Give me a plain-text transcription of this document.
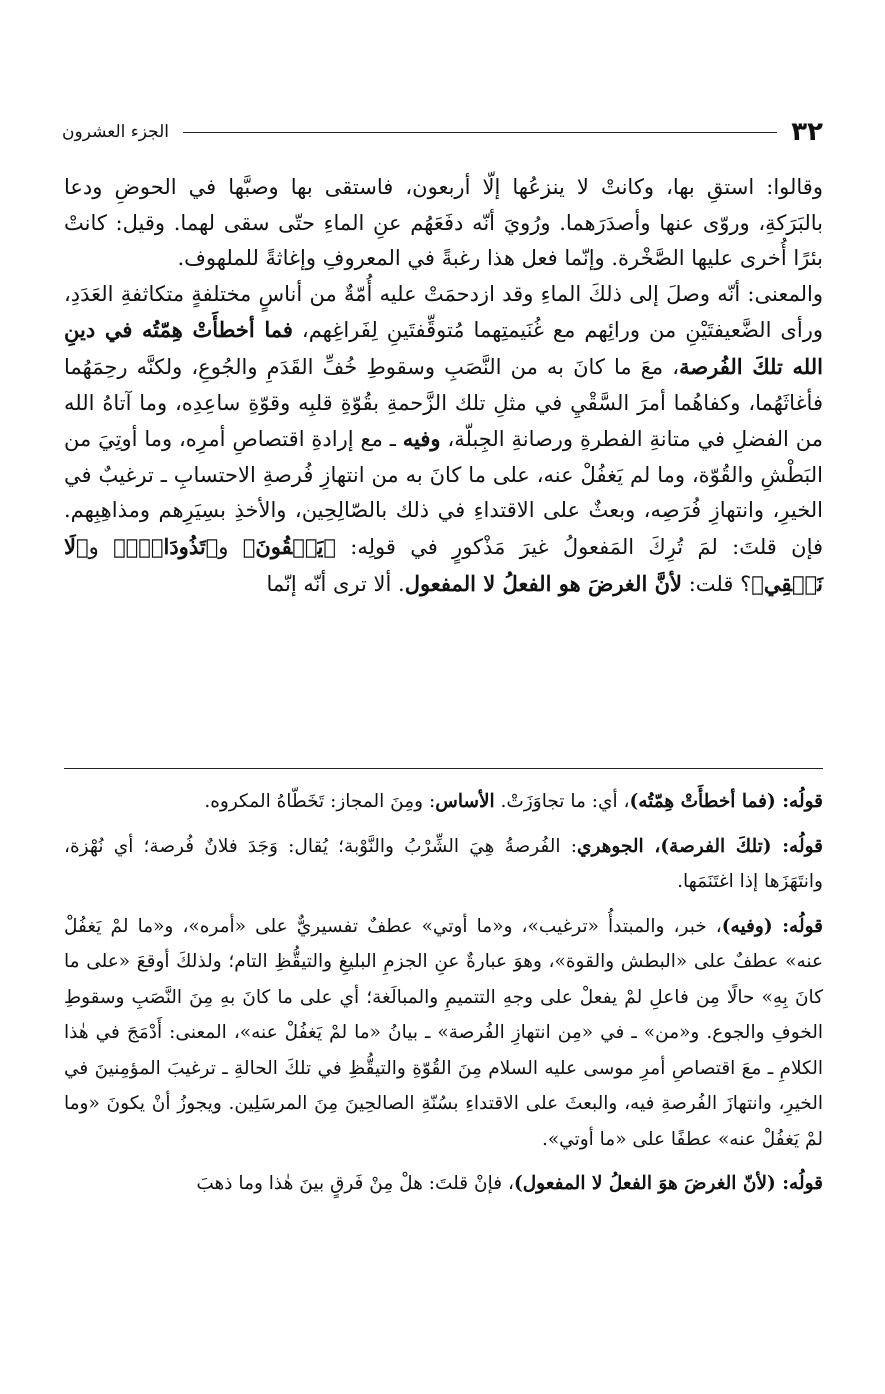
٣٢
الجزء العشرون

وقالوا: استقِ بها، وكانتْ لا ينزعُها إلّا أربعون، فاستقى بها وصبَّها في الحوضِ ودعا بالبَرَكةِ، وروّى عنها وأصدَرَهما. ورُويَ أنّه دفَعَهُم عنِ الماءِ حتّى سقى لهما. وقيل: كانتْ بئرًا أُخرى عليها الصَّخْرة. وإنّما فعل هذا رغبةً في المعروفِ وإغاثةً للملهوف.

والمعنى: أنّه وصلَ إلى ذلكَ الماءِ وقد ازدحمَتْ عليه أُمّةٌ من أناسٍ مختلفةٍ متكاثفةِ العَدَدِ، ورأى الضَّعيفتَيْنِ من ورائِهم مع غُنَيمتِهما مُتوقِّفتَينِ لِفَراغِهم، فما أخطأَتْ هِمّتُه في دينِ الله تلكَ الفُرصة، معَ ما كانَ به من النَّصَبِ وسقوطِ خُفِّ القَدَمِ والجُوعِ، ولكنَّه رحِمَهُما فأغاثَهُما، وكفاهُما أمرَ السَّقْيِ في مثلِ تلك الزَّحمةِ بقُوّةِ قلبِه وقوّةِ ساعِدِه، وما آتاهُ الله من الفضلِ في متانةِ الفطرةِ ورصانةِ الجِبلّة، وفيه ـ مع إرادةِ اقتصاصِ أمرِه، وما أوتِيَ من البَطْشِ والقُوّة، وما لم يَغفُلْ عنه، على ما كانَ به من انتهازِ فُرصةِ الاحتسابِ ـ ترغيبٌ في الخيرِ، وانتهازِ فُرَصِه، وبعثٌ على الاقتداءِ في ذلك بالصّالِحِين، والأخذِ بسِيَرِهم ومذاهِبِهم. فإن قلتَ: لمَ تُرِكَ المَفعولُ غيرَ مَذْكورٍ في قولِه: ﴿يَسۡقُونَ﴾ و﴿تَذُودَانِۖ﴾ و﴿لَا نَسۡقِي﴾؟ قلت: لأنَّ الغرضَ هو الفعلُ لا المفعول. ألا ترى أنّه إنّما

قولُه: (فما أخطأَتْ هِمّتُه)، أي: ما تجاوَزَتْ. الأساس: ومِنَ المجاز: تَخَطّاهُ المكروه.

قولُه: (تلكَ الفرصة)، الجوهري: الفُرصةُ هِيَ الشِّرْبُ والنَّوْبة؛ يُقال: وَجَدَ فلانٌ فُرصة؛ أي نُهْزة، وانتَهَزَها إذا اغتَنَمَها.

قولُه: (وفيه)، خبر، والمبتدأُ «ترغيب»، و«ما أوتي» عطفٌ تفسيريٌّ على «أمره»، و«ما لمْ يَغفُلْ عنه» عطفٌ على «البطش والقوة»، وهوَ عبارةٌ عنِ الجزمِ البليغِ والتيقُّظِ التام؛ ولذلكَ أوقعَ «على ما كانَ بِهِ» حالًا مِن فاعلِ لمْ يفعلْ على وجهِ التتميمِ والمبالَغة؛ أي على ما كانَ بهِ مِنَ النَّصَبِ وسقوطِ الخوفِ والجوع. و«من» ـ في «مِن انتهازِ الفُرصة» ـ بيانُ «ما لمْ يَغفُلْ عنه»، المعنى: أَدْمَجَ في هٰذا الكلامِ ـ معَ اقتصاصِ أمرِ موسى عليه السلام مِنَ القُوّةِ والتيقُّظِ في تلكَ الحالةِ ـ ترغيبَ المؤمِنينَ في الخيرِ، وانتهازَ الفُرصةِ فيه، والبعثَ على الاقتداءِ بسُنّةِ الصالحِينَ مِنَ المرسَلِين. ويجوزُ أنْ يكونَ «وما لمْ يَغفُلْ عنه» عطفًا على «ما أوتي».

قولُه: (لأنّ الغرضَ هوَ الفعلُ لا المفعول)، فإنْ قلتَ: هلْ مِنْ فَرقٍ بينَ هٰذا وما ذهبَ
